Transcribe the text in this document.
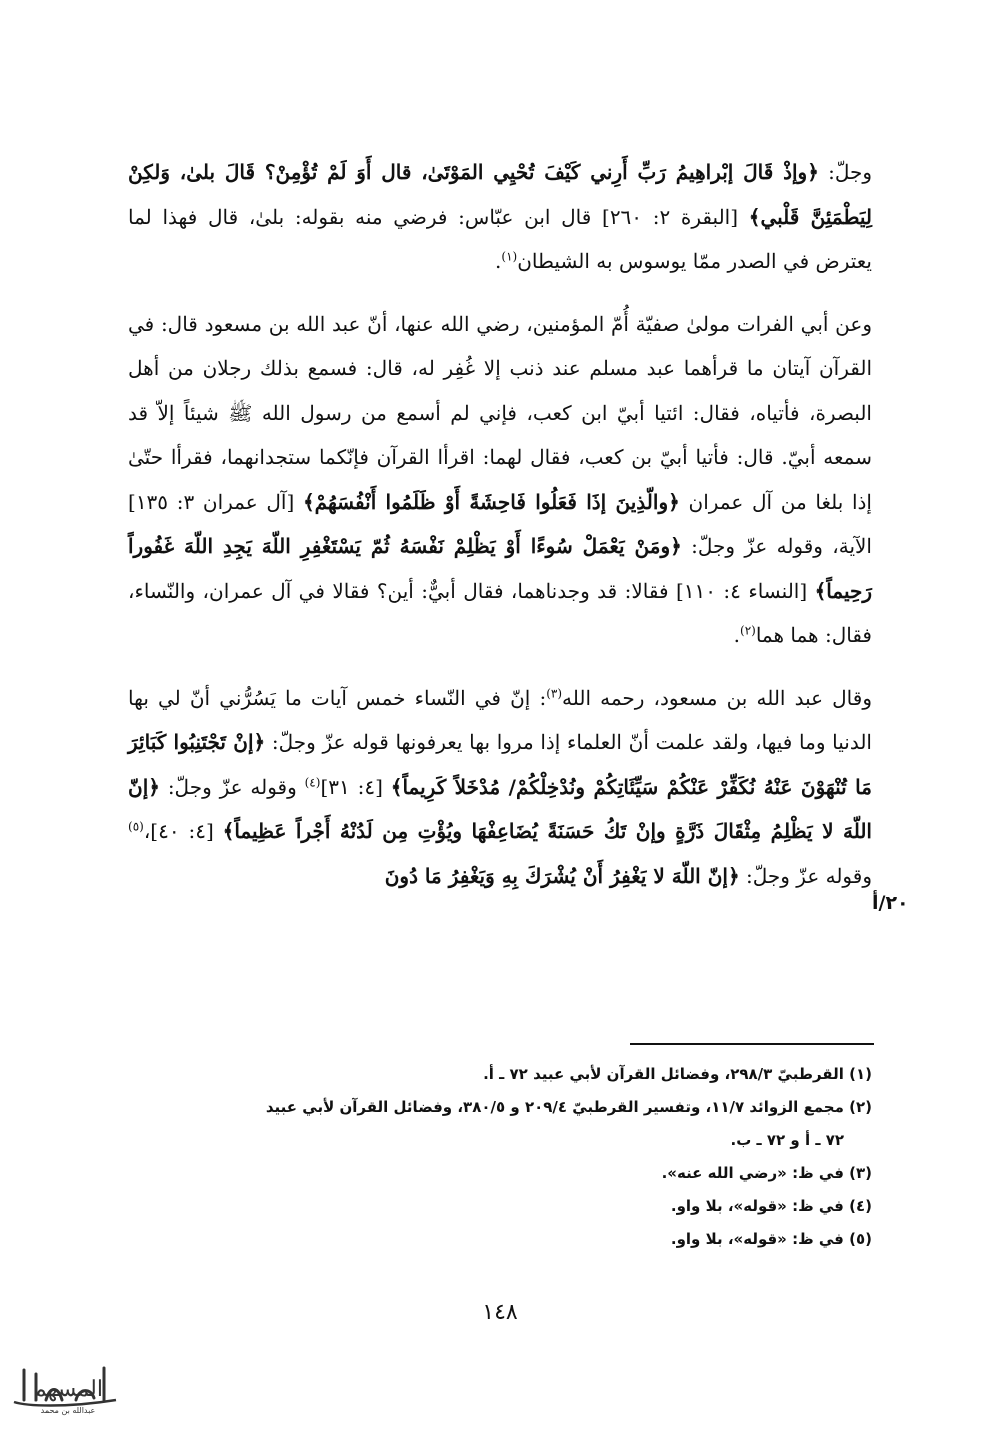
وجلّ: ﴿وإذْ قَالَ إبْراهِيمُ رَبِّ أَرِني كَيْفَ تُحْيِي المَوْتَىٰ، قال أَوَ لَمْ تُؤْمِنْ؟ قَالَ بلىٰ، وَلكِنْ لِيَطْمَئِنَّ قَلْبي﴾ [البقرة ٢: ٢٦٠] قال ابن عبّاس: فرضي منه بقوله: بلىٰ، قال فهذا لما يعترض في الصدر ممّا يوسوس به الشيطان$^{(١)}$.

وعن أبي الفرات مولىٰ صفيّة أُمّ المؤمنين، رضي الله عنها، أنّ عبد الله بن مسعود قال: في القرآن آيتان ما قرأهما عبد مسلم عند ذنب إلا غُفِر له، قال: فسمع بذلك رجلان من أهل البصرة، فأتياه، فقال: ائتيا أبيّ ابن كعب، فإني لم أسمع من رسول الله ﷺ شيئاً إلاّ قد سمعه أبيّ. قال: فأتيا أبيّ بن كعب، فقال لهما: اقرأا القرآن فإنّكما ستجدانهما، فقرأا حتّىٰ إذا بلغا من آل عمران ﴿والّذِينَ إذَا فَعَلُوا فَاحِشَةً أَوْ ظَلَمُوا أَنْفُسَهُمْ﴾ [آل عمران ٣: ١٣٥] الآية، وقوله عزّ وجلّ: ﴿ومَنْ يَعْمَلْ سُوءًا أَوْ يَظْلِمْ نَفْسَهُ ثُمّ يَسْتَغْفِرِ اللّهَ يَجِدِ اللّهَ غَفُوراً رَحِيماً﴾ [النساء ٤: ١١٠] فقالا: قد وجدناهما، فقال أبيٌّ: أين؟ فقالا في آل عمران، والنّساء، فقال: هما هما$^{(٢)}$.

وقال عبد الله بن مسعود، رحمه الله$^{(٣)}$: إنّ في النّساء خمس آيات ما يَسُرُّني أنّ لي بها الدنيا وما فيها، ولقد علمت أنّ العلماء إذا مروا بها يعرفونها قوله عزّ وجلّ: ﴿إنْ تَجْتَنِبُوا كَبَائِرَ مَا تُنْهَوْنَ عَنْهُ نُكَفِّرْ عَنْكُمْ سَيِّئَاتِكُمْ ونُدْخِلْكُمْ/ مُدْخَلاً كَرِيماً﴾ [٤: ٣١]$^{(٤)}$ وقوله عزّ وجلّ: ﴿إنّ اللّهَ لا يَظْلِمُ مِثْقَالَ ذَرَّةٍ وإنْ تَكُ حَسَنَةً يُضَاعِفْهَا ويُؤْتِ مِن لَدُنْهُ أَجْراً عَظِيماً﴾ [٤: ٤٠]،$^{(٥)}$ وقوله عزّ وجلّ: ﴿إنّ اللّهَ لا يَغْفِرُ أَنْ يُشْرَكَ بِهِ وَيَغْفِرُ مَا دُونَ

٢٠/أ

(١) القرطبيّ ٢٩٨/٣، وفضائل القرآن لأبي عبيد ٧٢ ـ أ.

(٢) مجمع الزوائد ١١/٧، وتفسير القرطبيّ ٢٠٩/٤ و ٣٨٠/٥، وفضائل القرآن لأبي عبيد
٧٢ ـ أ و ٧٢ ـ ب.

(٣) في ظ: «رضي الله عنه».

(٤) في ظ: «قوله»، بلا واو.

(٥) في ظ: «قوله»، بلا واو.

١٤٨
المسهم
عبدالله بن محمد
